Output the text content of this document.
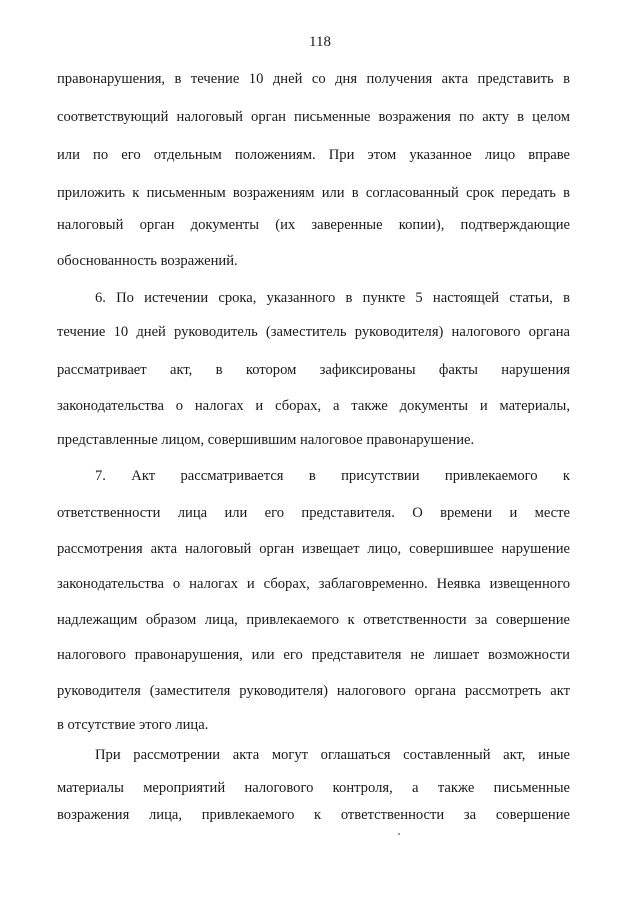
118
правонарушения, в течение 10 дней со дня получения акта представить в
соответствующий налоговый орган письменные возражения по акту в целом
или по его отдельным положениям. При этом указанное лицо вправе
приложить к письменным возражениям или в согласованный срок передать в
налоговый орган документы (их заверенные копии), подтверждающие
обоснованность возражений.
6. По истечении срока, указанного в пункте 5 настоящей статьи, в
течение 10 дней руководитель (заместитель руководителя) налогового органа
рассматривает акт, в котором зафиксированы факты нарушения
законодательства о налогах и сборах, а также документы и материалы,
представленные лицом, совершившим налоговое правонарушение.
7. Акт рассматривается в присутствии привлекаемого к
ответственности лица или его представителя. О времени и месте
рассмотрения акта налоговый орган извещает лицо, совершившее нарушение
законодательства о налогах и сборах, заблаговременно. Неявка извещенного
надлежащим образом лица, привлекаемого к ответственности за совершение
налогового правонарушения, или его представителя не лишает возможности
руководителя (заместителя руководителя) налогового органа рассмотреть акт
в отсутствие этого лица.
При рассмотрении акта могут оглашаться составленный акт, иные
материалы мероприятий налогового контроля, а также письменные
возражения лица, привлекаемого к ответственности за совершение
